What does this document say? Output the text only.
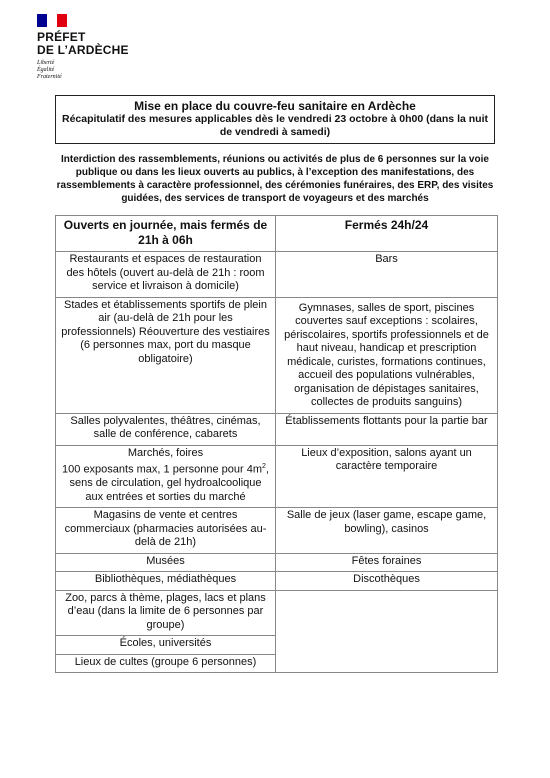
PRÉFET
DE L’ARDÈCHE
Liberté
Égalité
Fraternité
Mise en place du couvre-feu sanitaire en Ardèche
Récapitulatif des mesures applicables dès le vendredi 23 octobre à 0h00 (dans la nuit de vendredi à samedi)
Interdiction des rassemblements, réunions ou activités de plus de 6 personnes sur la voie publique ou dans les lieux ouverts au publics, à l’exception des manifestations, des rassemblements à caractère professionnel, des cérémonies funéraires, des ERP, des visites guidées, des services de transport de voyageurs et des marchés
Ouverts en journée, mais fermés de 21h à 06h	Fermés 24h/24
Restaurants et espaces de restauration des hôtels (ouvert au-delà de 21h : room service et livraison à domicile)	Bars
Stades et établissements sportifs de plein air (au-delà de 21h pour les professionnels) Réouverture des vestiaires (6 personnes max, port du masque obligatoire)	Gymnases, salles de sport, piscines couvertes sauf exceptions : scolaires, périscolaires, sportifs professionnels et de haut niveau, handicap et prescription médicale, curistes, formations continues, accueil des populations vulnérables, organisation de dépistages sanitaires, collectes de produits sanguins)
Salles polyvalentes, théâtres, cinémas, salle de conférence, cabarets	Établissements flottants pour la partie bar

Marchés, foires
100 exposants max, 1 personne pour $4m^2$, sens de circulation, gel hydroalcoolique aux entrées et sorties du marché	Lieux d’exposition, salons ayant un caractère temporaire
Magasins de vente et centres commerciaux (pharmacies autorisées au-delà de 21h)	Salle de jeux (laser game, escape game, bowling), casinos
Musées	Fêtes foraines
Bibliothèques, médiathèques	Discothèques
Zoo, parcs à thème, plages, lacs et plans d’eau (dans la limite de 6 personnes par groupe)	
Écoles, universités	
Lieux de cultes (groupe 6 personnes)	
